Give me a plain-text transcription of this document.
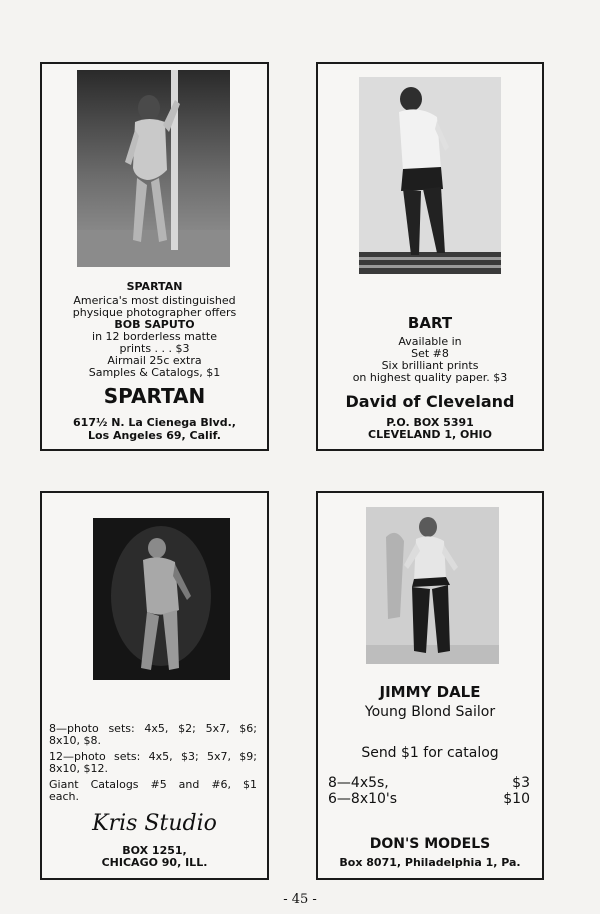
SPARTAN
America's most distinguished
physique photographer offers
BOB SAPUTO
in 12 borderless matte
prints . . . $3
Airmail 25c extra
Samples & Catalogs, $1
SPARTAN
617½ N. La Cienega Blvd.,
Los Angeles 69, Calif.
BART
Available in
Set #8
Six brilliant prints
on highest quality paper. $3
David of Cleveland
P.O. BOX 5391
CLEVELAND 1, OHIO
8—photo sets: 4x5, $2; 5x7, $6;
8x10, $8.
12—photo sets: 4x5, $3; 5x7, $9;
8x10, $12.
Giant Catalogs #5 and #6, $1
each.
Kris Studio
BOX 1251,
CHICAGO 90, ILL.
JIMMY DALE
Young Blond Sailor
Send $1 for catalog
8—4x5s,	$3
6—8x10's	$10
DON'S MODELS
Box 8071, Philadelphia 1, Pa.
- 45 -
